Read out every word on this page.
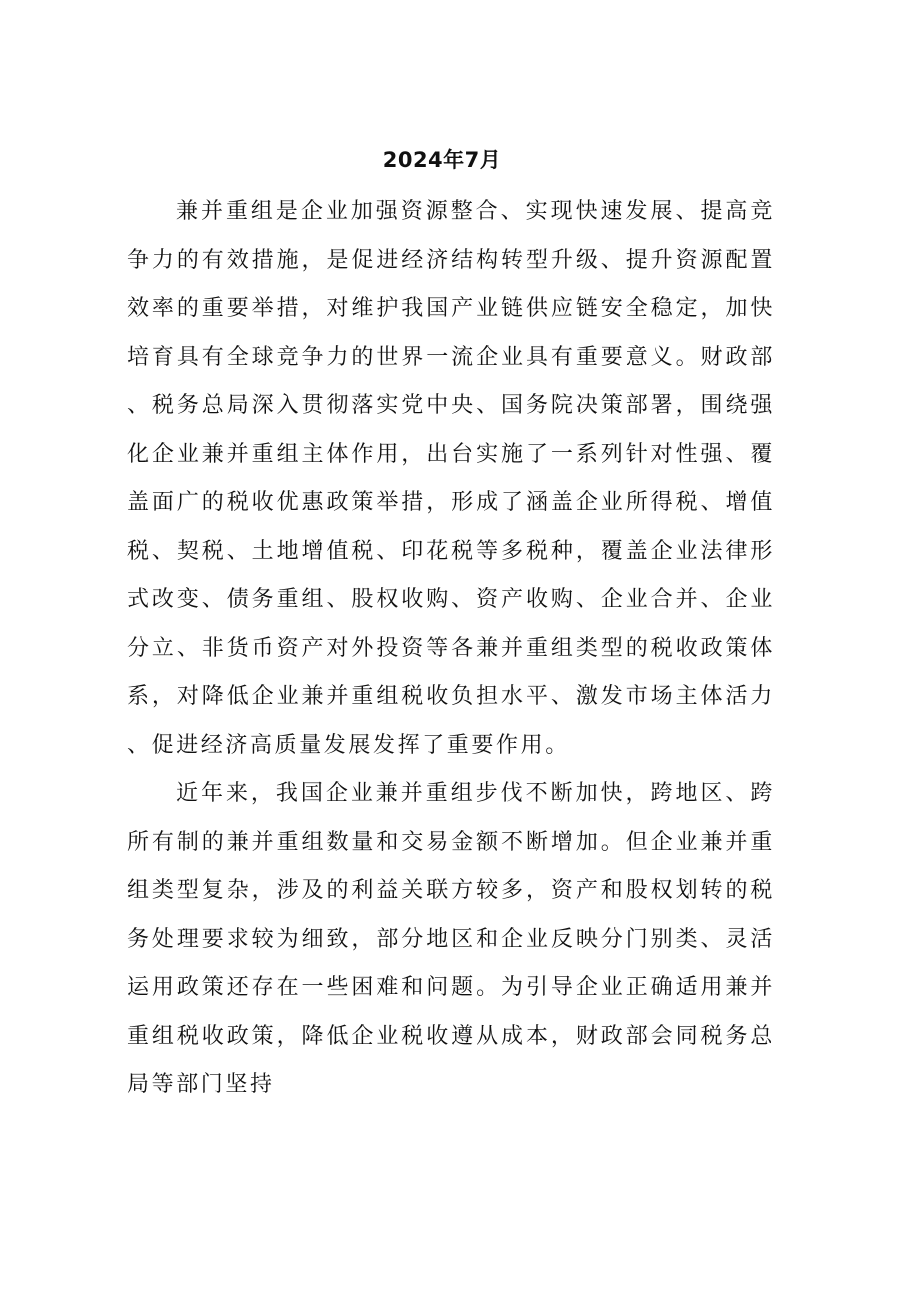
2024年7月

兼并重组是企业加强资源整合、实现快速发展、提高竞争力的有效措施，是促进经济结构转型升级、提升资源配置效率的重要举措，对维护我国产业链供应链安全稳定，加快培育具有全球竞争力的世界一流企业具有重要意义。财政部、税务总局深入贯彻落实党中央、国务院决策部署，围绕强化企业兼并重组主体作用，出台实施了一系列针对性强、覆盖面广的税收优惠政策举措，形成了涵盖企业所得税、增值税、契税、土地增值税、印花税等多税种，覆盖企业法律形式改变、债务重组、股权收购、资产收购、企业合并、企业分立、非货币资产对外投资等各兼并重组类型的税收政策体系，对降低企业兼并重组税收负担水平、激发市场主体活力、促进经济高质量发展发挥了重要作用。

近年来，我国企业兼并重组步伐不断加快，跨地区、跨所有制的兼并重组数量和交易金额不断增加。但企业兼并重组类型复杂，涉及的利益关联方较多，资产和股权划转的税务处理要求较为细致，部分地区和企业反映分门别类、灵活运用政策还存在一些困难和问题。为引导企业正确适用兼并重组税收政策，降低企业税收遵从成本，财政部会同税务总局等部门坚持
